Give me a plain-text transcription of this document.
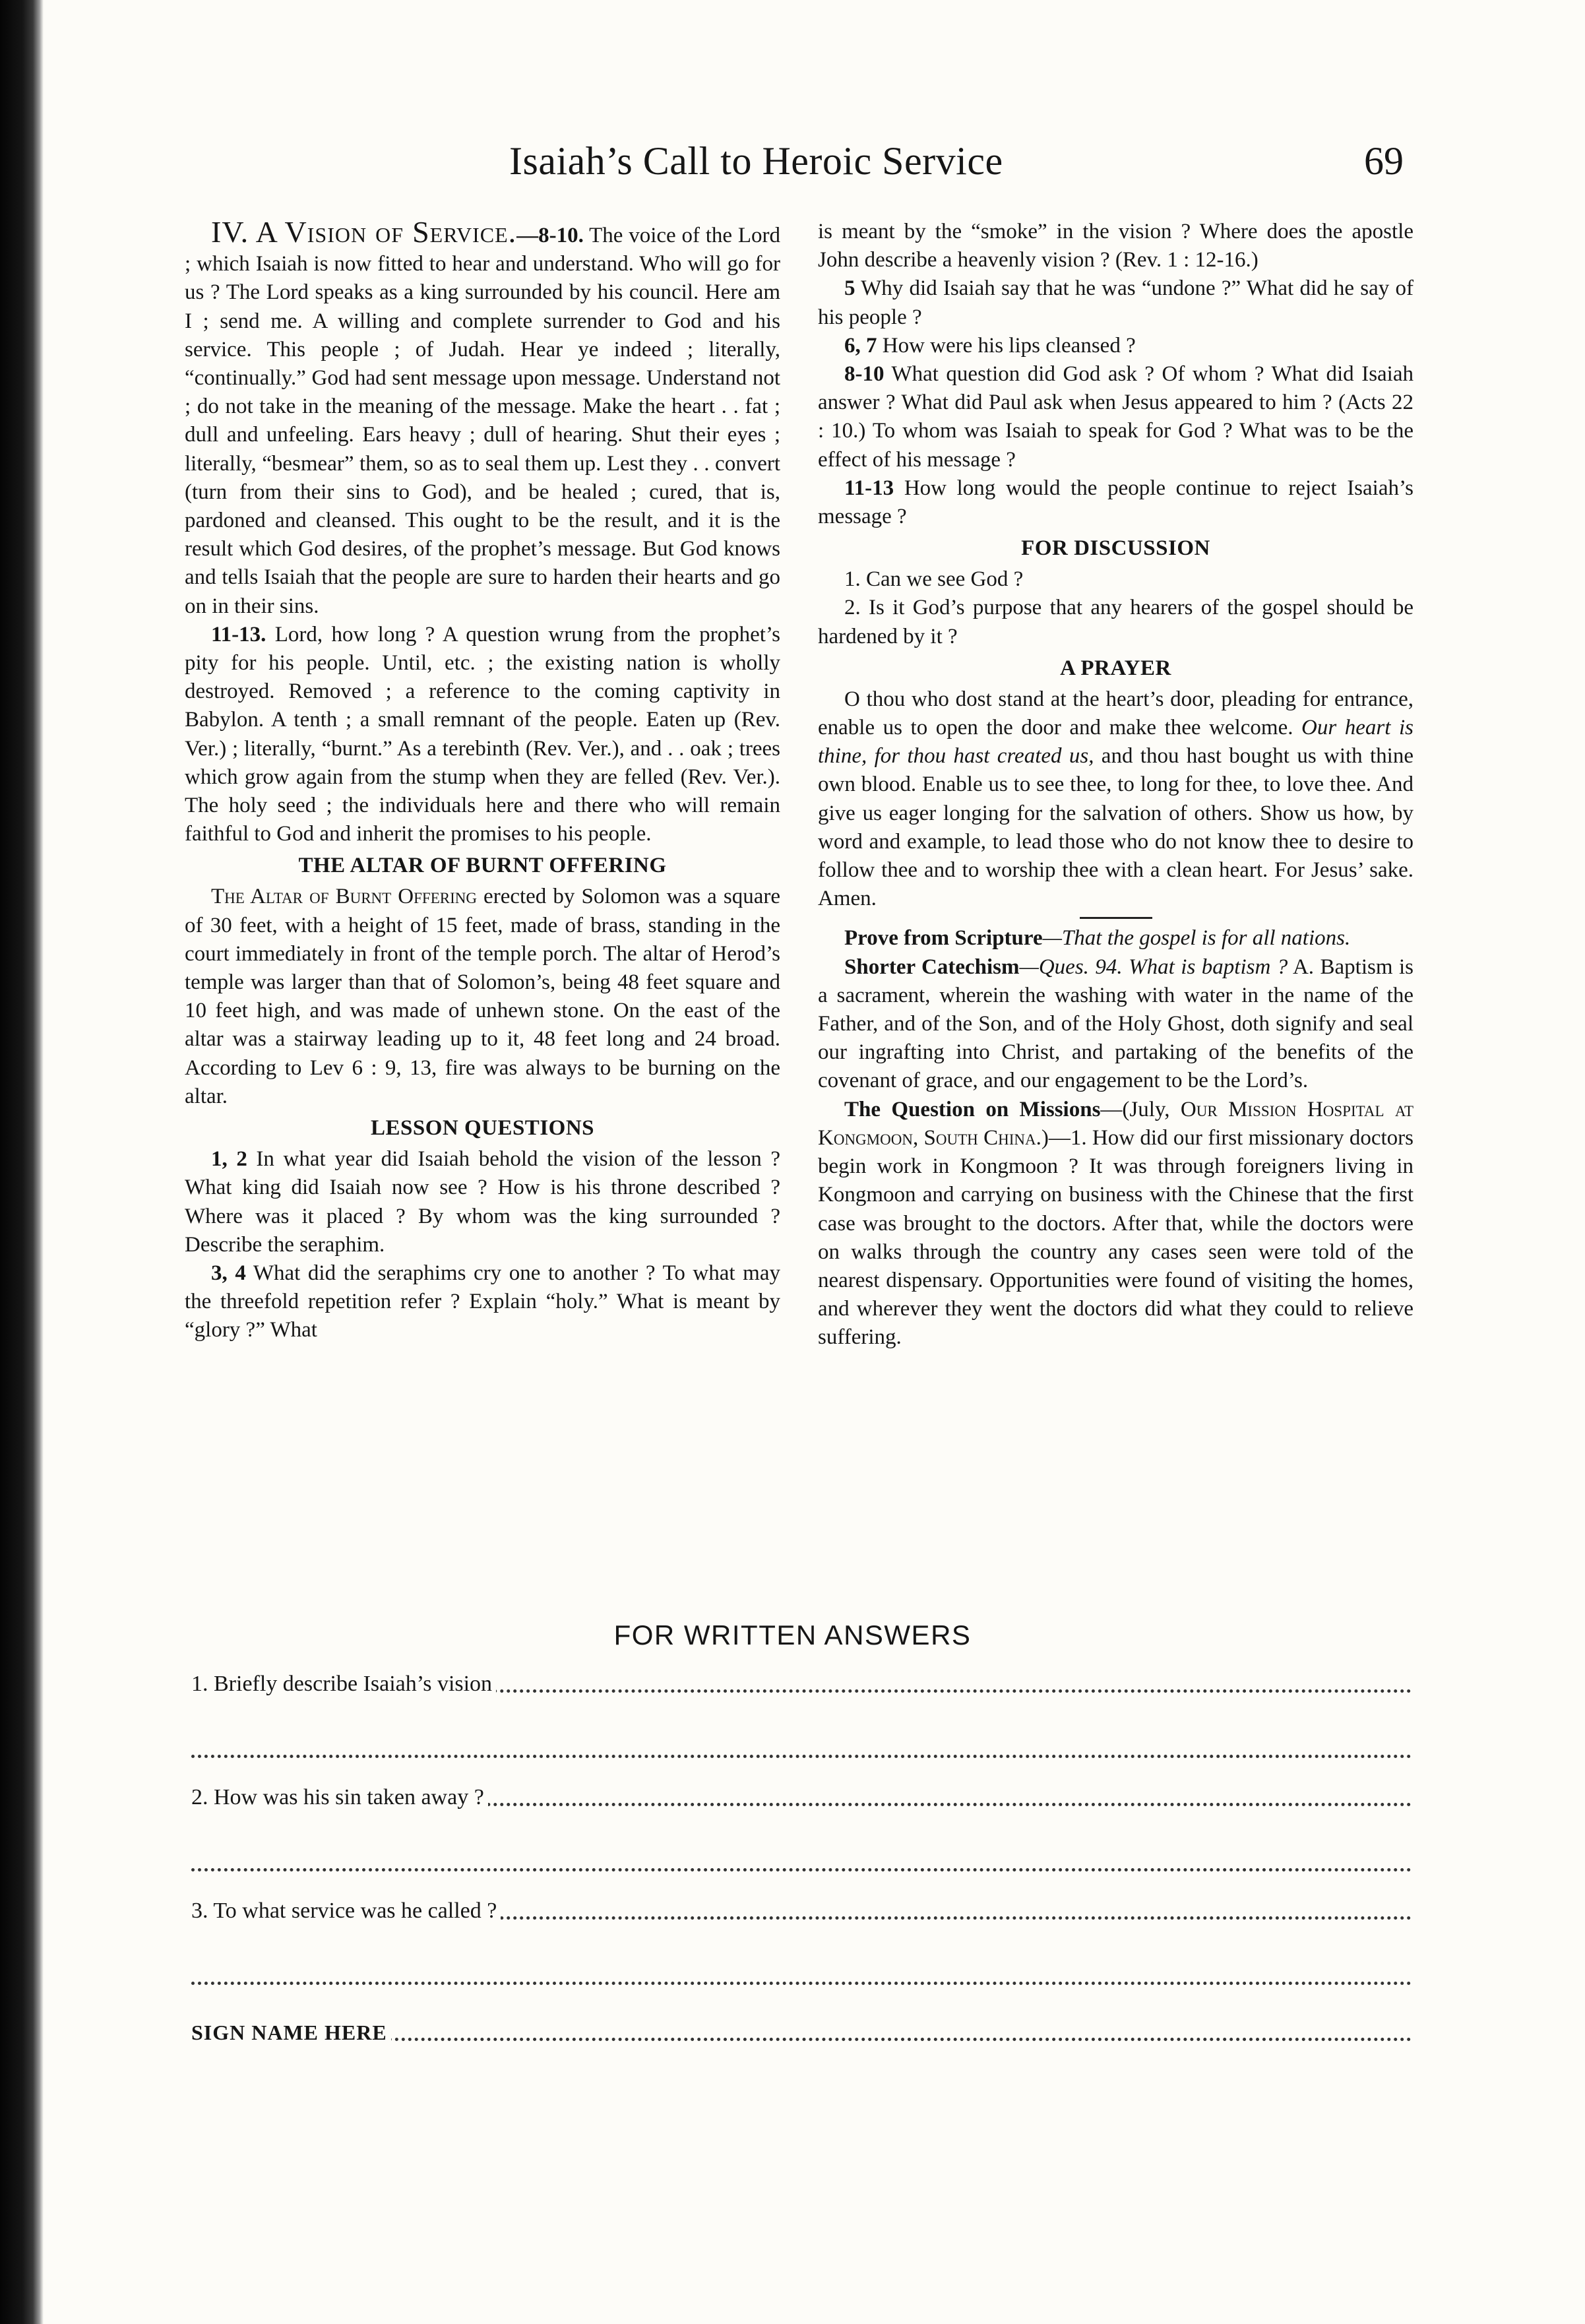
Isaiah’s Call to Heroic Service	69

IV. A Vision of Service.—8-10. The voice of the Lord ; which Isaiah is now fitted to hear and understand. Who will go for us ? The Lord speaks as a king surrounded by his council. Here am I ; send me. A willing and complete surrender to God and his service. This people ; of Judah. Hear ye indeed ; literally, “continually.” God had sent message upon message. Understand not ; do not take in the meaning of the message. Make the heart . . fat ; dull and unfeeling. Ears heavy ; dull of hearing. Shut their eyes ; literally, “besmear” them, so as to seal them up. Lest they . . convert (turn from their sins to God), and be healed ; cured, that is, pardoned and cleansed. This ought to be the result, and it is the result which God desires, of the prophet’s message. But God knows and tells Isaiah that the people are sure to harden their hearts and go on in their sins.

11-13. Lord, how long ? A question wrung from the prophet’s pity for his people. Until, etc. ; the existing nation is wholly destroyed. Removed ; a reference to the coming captivity in Babylon. A tenth ; a small remnant of the people. Eaten up (Rev. Ver.) ; literally, “burnt.” As a terebinth (Rev. Ver.), and . . oak ; trees which grow again from the stump when they are felled (Rev. Ver.). The holy seed ; the individuals here and there who will remain faithful to God and inherit the promises to his people.

THE ALTAR OF BURNT OFFERING

The Altar of Burnt Offering erected by Solomon was a square of 30 feet, with a height of 15 feet, made of brass, standing in the court immediately in front of the temple porch. The altar of Herod’s temple was larger than that of Solomon’s, being 48 feet square and 10 feet high, and was made of unhewn stone. On the east of the altar was a stairway leading up to it, 48 feet long and 24 broad. According to Lev 6 : 9, 13, fire was always to be burning on the altar.

LESSON QUESTIONS

1, 2 In what year did Isaiah behold the vision of the lesson ? What king did Isaiah now see ? How is his throne described ? Where was it placed ? By whom was the king surrounded ? Describe the seraphim.

3, 4 What did the seraphims cry one to another ? To what may the threefold repetition refer ? Explain “holy.” What is meant by “glory ?” What

is meant by the “smoke” in the vision ? Where does the apostle John describe a heavenly vision ? (Rev. 1 : 12-16.)

5 Why did Isaiah say that he was “undone ?” What did he say of his people ?

6, 7 How were his lips cleansed ?

8-10 What question did God ask ? Of whom ? What did Isaiah answer ? What did Paul ask when Jesus appeared to him ? (Acts 22 : 10.) To whom was Isaiah to speak for God ? What was to be the effect of his message ?

11-13 How long would the people continue to reject Isaiah’s message ?

FOR DISCUSSION

1. Can we see God ?

2. Is it God’s purpose that any hearers of the gospel should be hardened by it ?

A PRAYER

O thou who dost stand at the heart’s door, pleading for entrance, enable us to open the door and make thee welcome. Our heart is thine, for thou hast created us, and thou hast bought us with thine own blood. Enable us to see thee, to long for thee, to love thee. And give us eager longing for the salvation of others. Show us how, by word and example, to lead those who do not know thee to desire to follow thee and to worship thee with a clean heart. For Jesus’ sake. Amen.

Prove from Scripture—That the gospel is for all nations.

Shorter Catechism—Ques. 94. What is baptism ? A. Baptism is a sacrament, wherein the washing with water in the name of the Father, and of the Son, and of the Holy Ghost, doth signify and seal our ingrafting into Christ, and partaking of the benefits of the covenant of grace, and our engagement to be the Lord’s.

The Question on Missions—(July, Our Mission Hospital at Kongmoon, South China.)—1. How did our first missionary doctors begin work in Kongmoon ? It was through foreigners living in Kongmoon and carrying on business with the Chinese that the first case was brought to the doctors. After that, while the doctors were on walks through the country any cases seen were told of the nearest dispensary. Opportunities were found of visiting the homes, and wherever they went the doctors did what they could to relieve suffering.

FOR WRITTEN ANSWERS
1. Briefly describe Isaiah’s vision
2. How was his sin taken away ?
3. To what service was he called ?
SIGN NAME HERE
